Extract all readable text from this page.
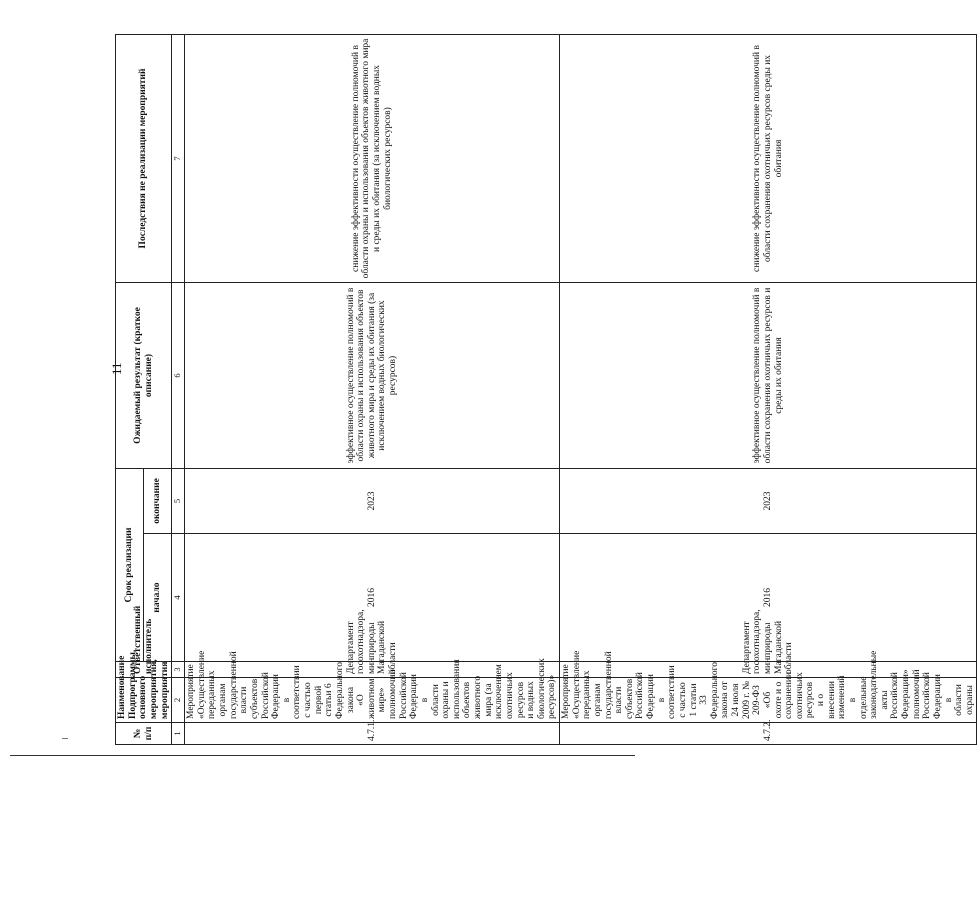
11
№ п/п	Наименование Подпрограммы, основного мероприятия, мероприятия	Ответственный исполнитель	Срок реализации		Ожидаемый результат (краткое описание)	Последствия не реализации мероприятий
			начало	окончание		
1	2	3	4	5	6	7
4.7.1.	Мероприятие «Осуществление переданных органам государственной власти субъектов Российской Федерации в соответствии с частью первой статьи 6 Федерального закона «О животном мире» полномочий Российской Федерации в области охраны и использования объектов животного мира (за исключением охотничьих ресурсов и водных биологических ресурсов)»	Департамент госохотнадзора, минприроды Магаданской области	2016	2023	эффективное осуществление полномочий в области охраны и использования объектов животного мира и среды их обитания (за исключением водных биологических ресурсов)	снижение эффективности осуществление полномочий в области охраны и использования объектов животного мира и среды их обитания (за исключением водных биологических ресурсов)
4.7.2.	Мероприятие «Осуществление переданных органам государственной власти субъектов Российской Федерации в соответствии с частью 1 статьи 33 Федерального закона от 24 июля 2009 г. № 209-ФЗ «Об охоте и о сохранении охотничьих ресурсов и о внесении изменений в отдельные законодательные акты Российской Федерации» полномочий Российской Федерации в области охраны	Департамент госохотнадзора, минприроды Магаданской области	2016	2023	эффективное осуществление полномочий в области сохранения охотничьих ресурсов и среды их обитания	снижение эффективности осуществление полномочий в области сохранения охотничьих ресурсов среды их обитания
